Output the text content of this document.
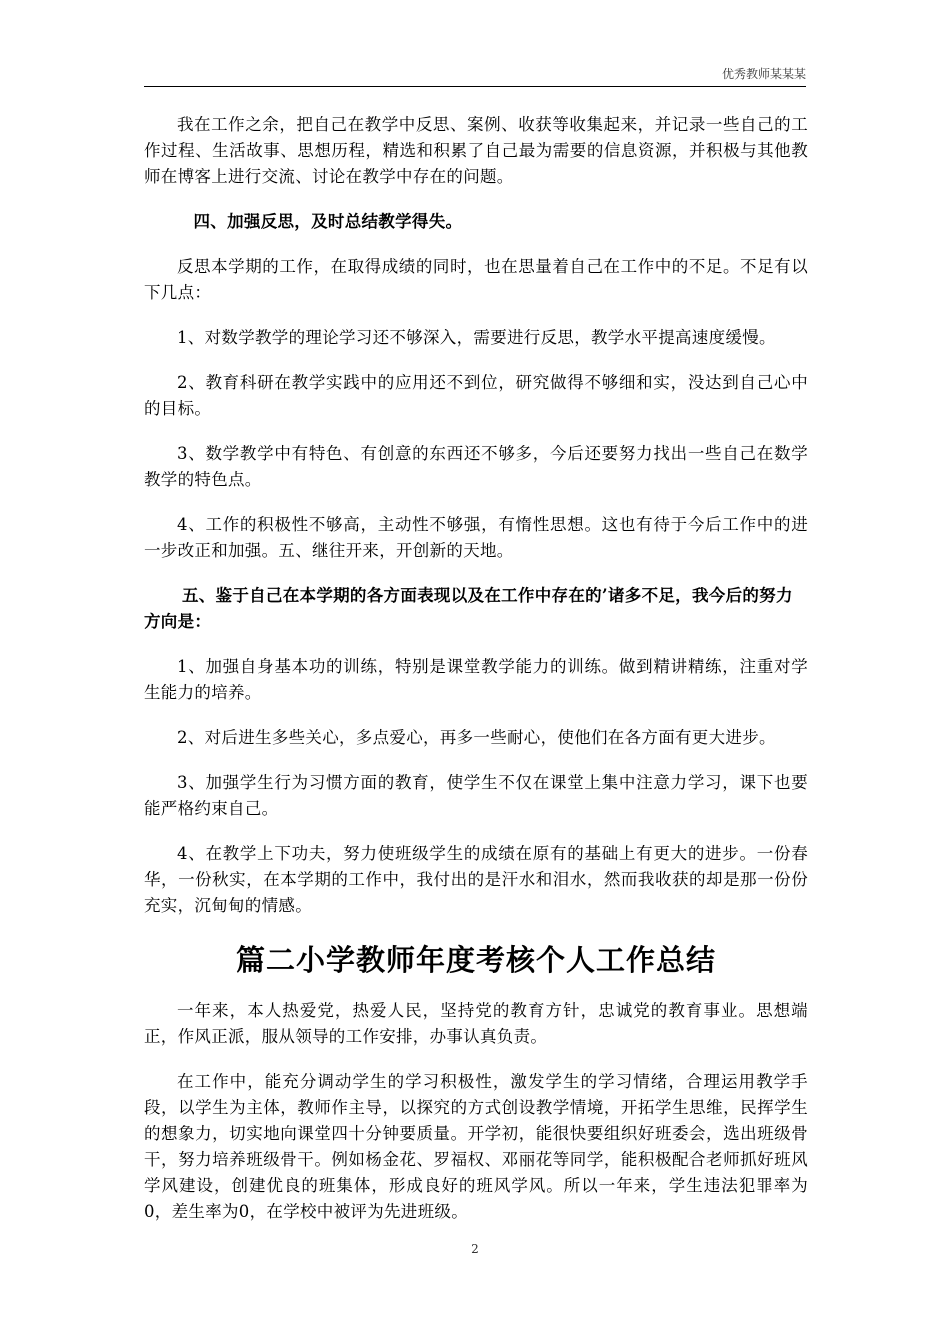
优秀教师某某某

我在工作之余，把自己在教学中反思、案例、收获等收集起来，并记录一些自己的工作过程、生活故事、思想历程，精选和积累了自己最为需要的信息资源，并积极与其他教师在博客上进行交流、讨论在教学中存在的问题。

四、加强反思，及时总结教学得失。

反思本学期的工作，在取得成绩的同时，也在思量着自己在工作中的不足。不足有以下几点：

1、对数学教学的理论学习还不够深入，需要进行反思，教学水平提高速度缓慢。

2、教育科研在教学实践中的应用还不到位，研究做得不够细和实，没达到自己心中的目标。

3、数学教学中有特色、有创意的东西还不够多，今后还要努力找出一些自己在数学教学的特色点。

4、工作的积极性不够高，主动性不够强，有惰性思想。这也有待于今后工作中的进一步改正和加强。五、继往开来，开创新的天地。

五、鉴于自己在本学期的各方面表现以及在工作中存在的’诸多不足，我今后的努力方向是：

1、加强自身基本功的训练，特别是课堂教学能力的训练。做到精讲精练，注重对学生能力的培养。

2、对后进生多些关心，多点爱心，再多一些耐心，使他们在各方面有更大进步。

3、加强学生行为习惯方面的教育，使学生不仅在课堂上集中注意力学习，课下也要能严格约束自己。

4、在教学上下功夫，努力使班级学生的成绩在原有的基础上有更大的进步。一份春华，一份秋实，在本学期的工作中，我付出的是汗水和泪水，然而我收获的却是那一份份充实，沉甸甸的情感。

篇二小学教师年度考核个人工作总结

一年来，本人热爱党，热爱人民，坚持党的教育方针，忠诚党的教育事业。思想端正，作风正派，服从领导的工作安排，办事认真负责。

在工作中，能充分调动学生的学习积极性，激发学生的学习情绪，合理运用教学手段，以学生为主体，教师作主导，以探究的方式创设教学情境，开拓学生思维，民挥学生的想象力，切实地向课堂四十分钟要质量。开学初，能很快要组织好班委会，选出班级骨干，努力培养班级骨干。例如杨金花、罗福权、邓丽花等同学，能积极配合老师抓好班风学风建设，创建优良的班集体，形成良好的班风学风。所以一年来，学生违法犯罪率为0，差生率为0，在学校中被评为先进班级。

2
